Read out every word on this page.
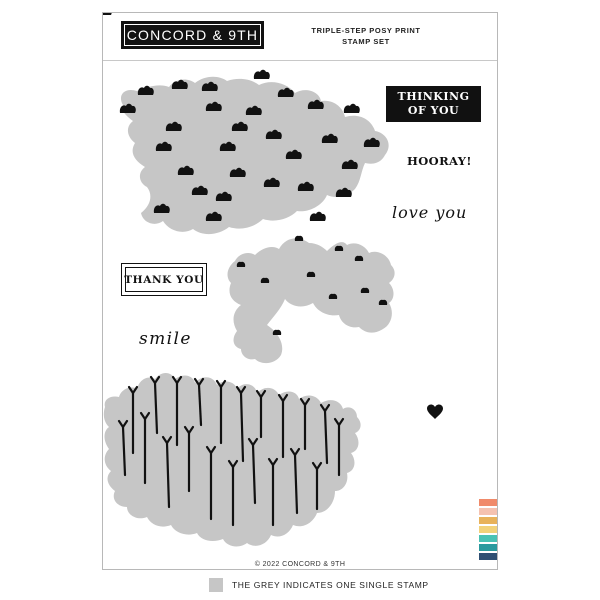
CONCORD & 9TH	TRIPLE-STEP POSY PRINT
STAMP SET
THINKING
OF YOU
HOORAY!
love you
THANK YOU
smile
© 2022 CONCORD & 9TH
THE GREY INDICATES ONE SINGLE STAMP
